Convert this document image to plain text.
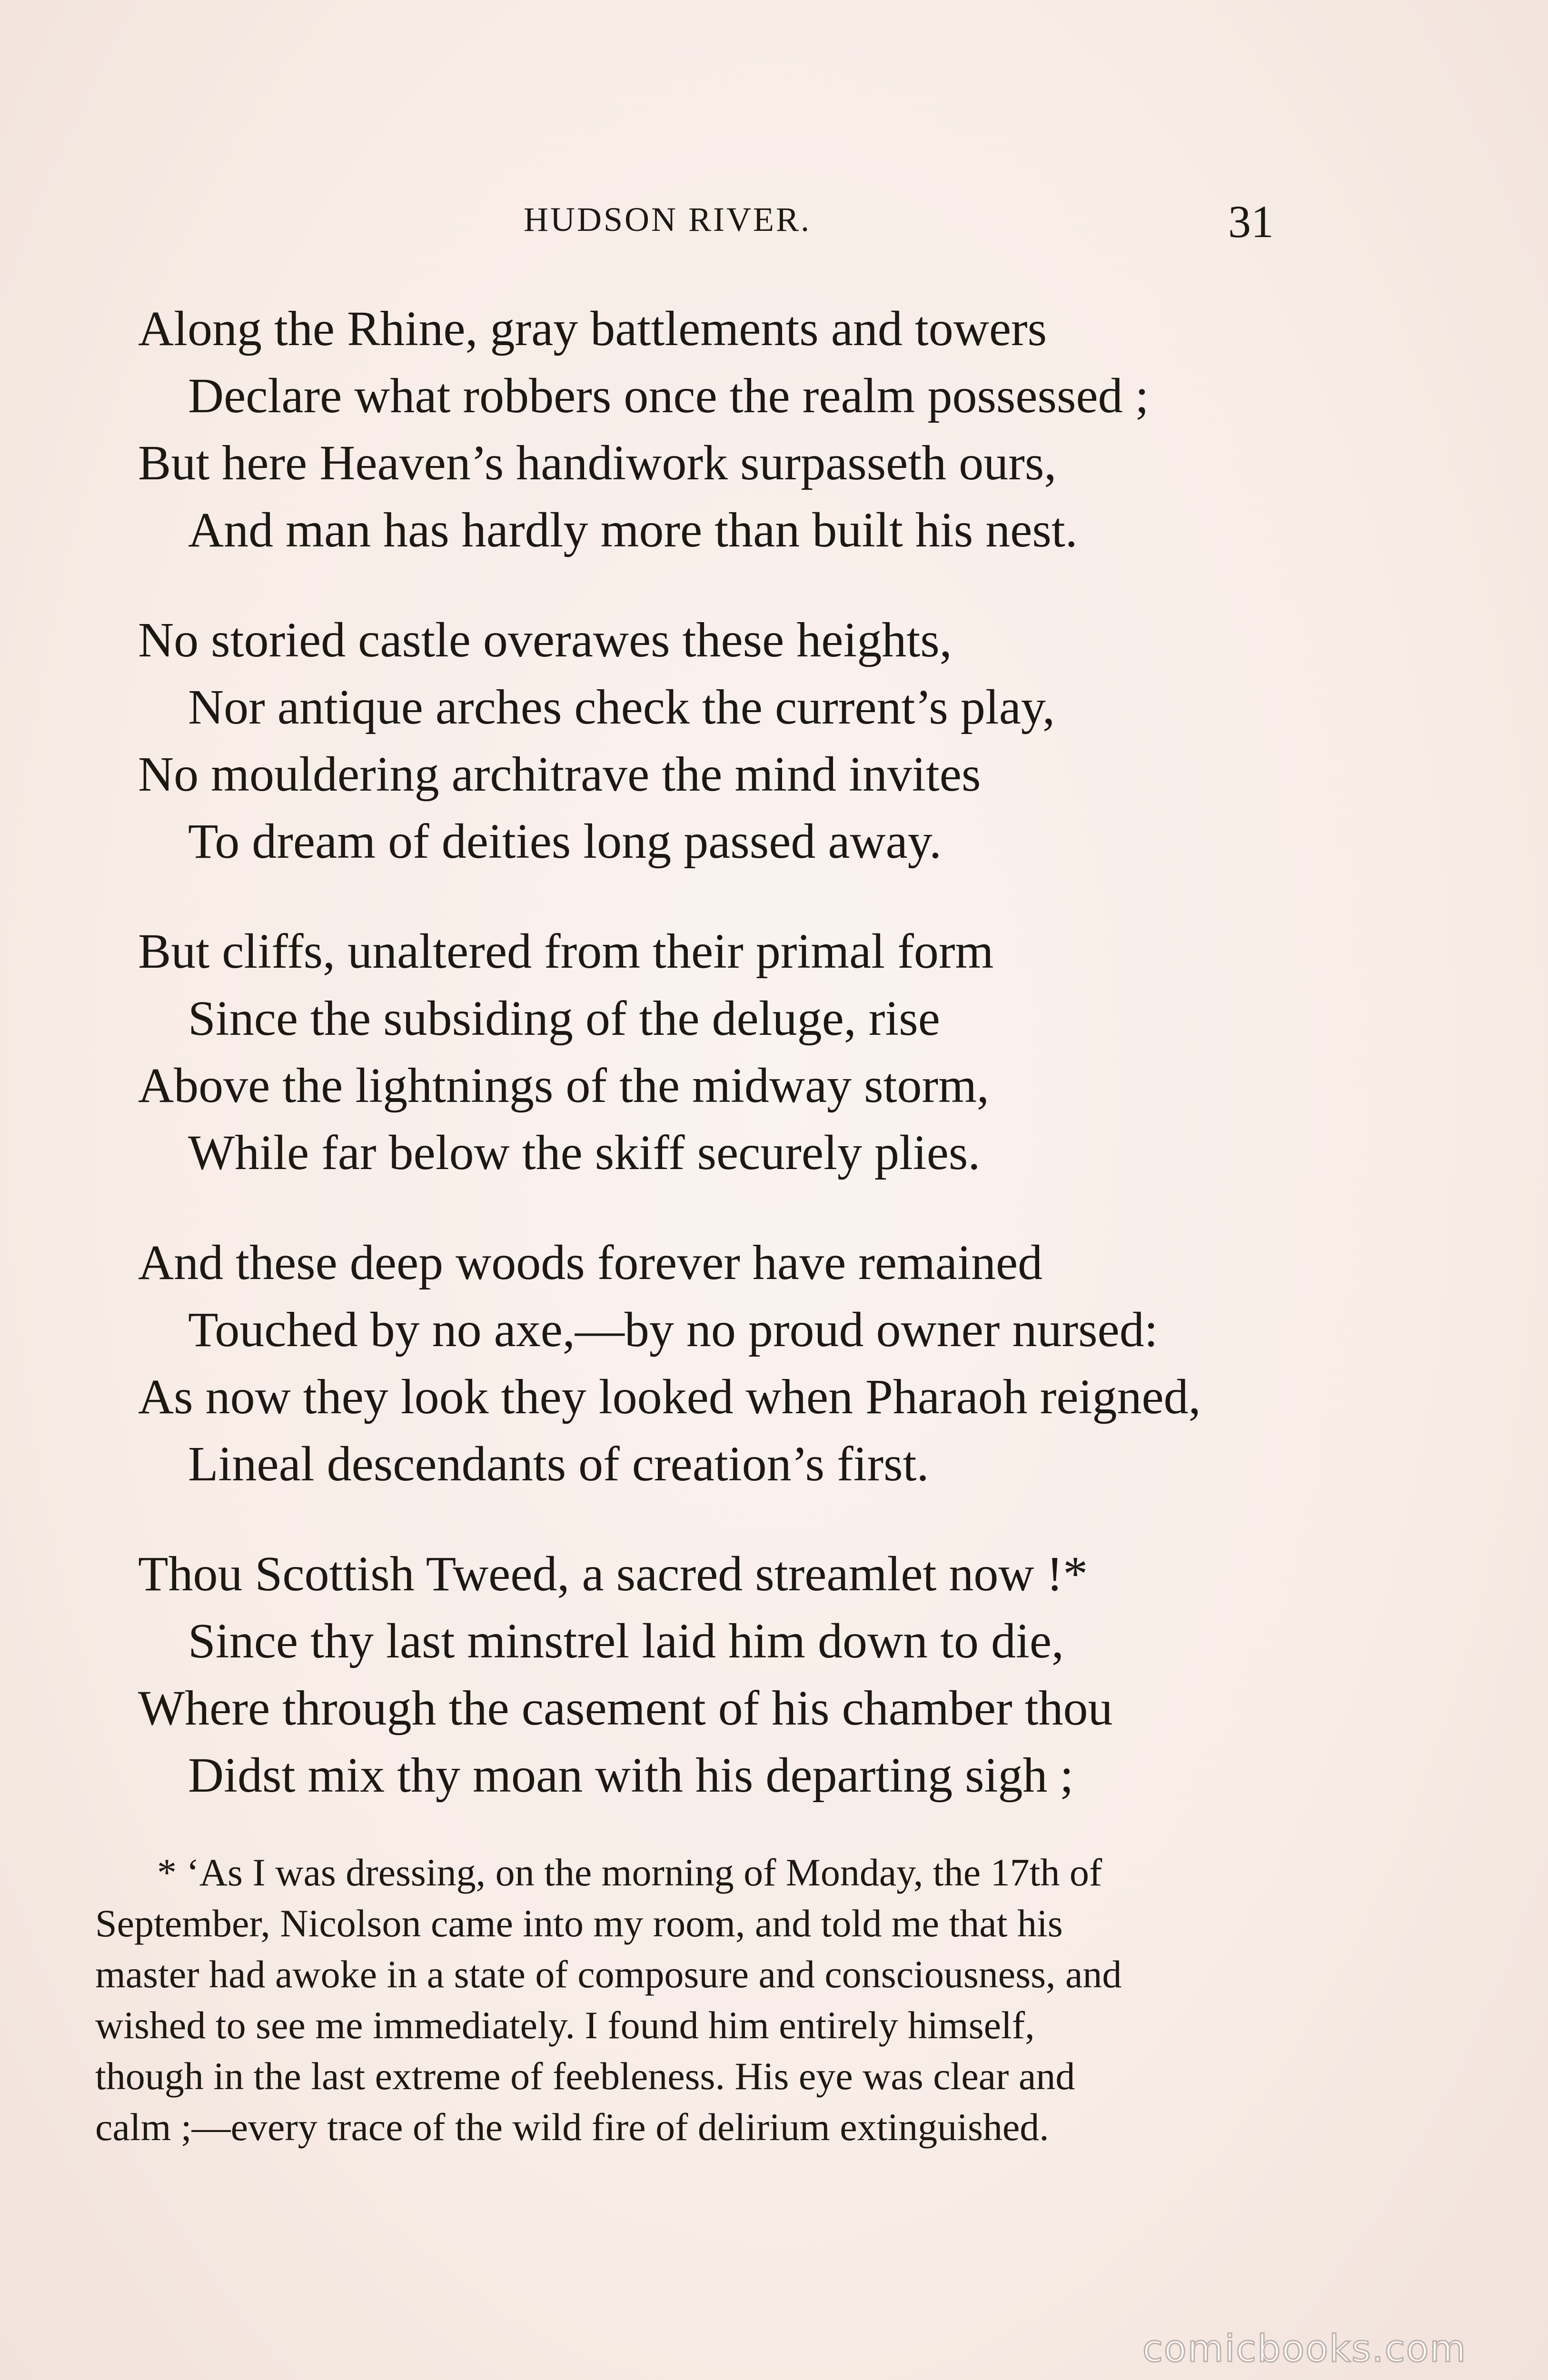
HUDSON RIVER.	31
Along the Rhine, gray battlements and towers
Declare what robbers once the realm possessed ;
But here Heaven’s handiwork surpasseth ours,
And man has hardly more than built his nest.
No storied castle overawes these heights,
Nor antique arches check the current’s play,
No mouldering architrave the mind invites
To dream of deities long passed away.
But cliffs, unaltered from their primal form
Since the subsiding of the deluge, rise
Above the lightnings of the midway storm,
While far below the skiff securely plies.
And these deep woods forever have remained
Touched by no axe,—by no proud owner nursed:
As now they look they looked when Pharaoh reigned,
Lineal descendants of creation’s first.
Thou Scottish Tweed, a sacred streamlet now !*
Since thy last minstrel laid him down to die,
Where through the casement of his chamber thou
Didst mix thy moan with his departing sigh ;
* ‘As I was dressing, on the morning of Monday, the 17th of
September, Nicolson came into my room, and told me that his
master had awoke in a state of composure and consciousness, and
wished to see me immediately. I found him entirely himself,
though in the last extreme of feebleness. His eye was clear and
calm ;—every trace of the wild fire of delirium extinguished.
comicbooks.com
